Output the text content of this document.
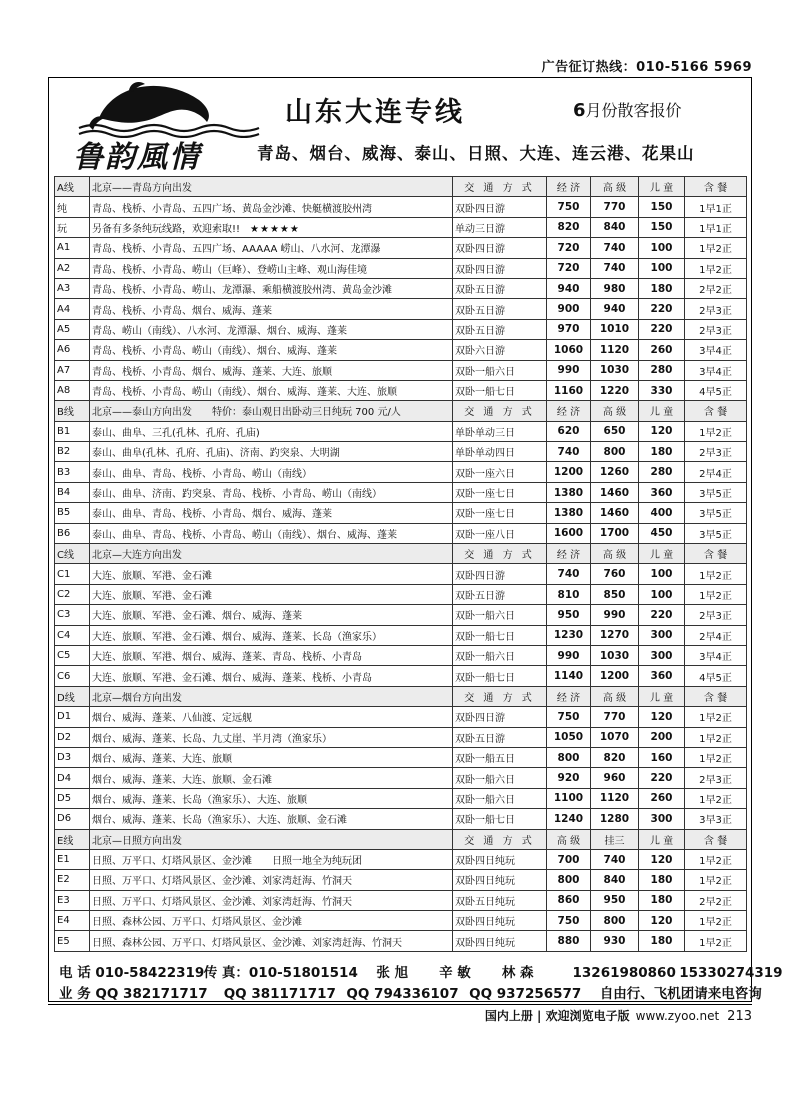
广告征订热线：010-5166 5969
鲁韵風情
山东大连专线	6月份散客报价
青岛、烟台、威海、泰山、日照、大连、连云港、花果山
A线	北京——青岛方向出发	交 通 方 式	经 济	高 级	儿 童	含 餐
纯	青岛、栈桥、小青岛、五四广场、黄岛金沙滩、快艇横渡胶州湾	双卧四日游	750	770	150	1早1正
玩	另备有多条纯玩线路，欢迎索取!! ★★★★★	单动三日游	820	840	150	1早1正
A1	青岛、栈桥、小青岛、五四广场、AAAAA 崂山、八水河、龙潭瀑	双卧四日游	720	740	100	1早2正
A2	青岛、栈桥、小青岛、崂山（巨峰）、登崂山主峰、观山海佳境	双卧四日游	720	740	100	1早2正
A3	青岛、栈桥、小青岛、崂山、龙潭瀑、乘船横渡胶州湾、黄岛金沙滩	双卧五日游	940	980	180	2早2正
A4	青岛、栈桥、小青岛、烟台、威海、蓬莱	双卧五日游	900	940	220	2早3正
A5	青岛、崂山（南线）、八水河、龙潭瀑、烟台、威海、蓬莱	双卧五日游	970	1010	220	2早3正
A6	青岛、栈桥、小青岛、崂山（南线）、烟台、威海、蓬莱	双卧六日游	1060	1120	260	3早4正
A7	青岛、栈桥、小青岛、烟台、威海、蓬莱、大连、旅顺	双卧一船六日	990	1030	280	3早4正
A8	青岛、栈桥、小青岛、崂山（南线）、烟台、威海、蓬莱、大连、旅顺	双卧一船七日	1160	1220	330	4早5正
B线	北京——泰山方向出发　　特价：泰山观日出卧动三日纯玩 700 元/人	交 通 方 式	经 济	高 级	儿 童	含 餐
B1	泰山、曲阜、三孔(孔林、孔府、孔庙)	单卧单动三日	620	650	120	1早2正
B2	泰山、曲阜(孔林、孔府、孔庙)、济南、趵突泉、大明湖	单卧单动四日	740	800	180	2早3正
B3	泰山、曲阜、青岛、栈桥、小青岛、崂山（南线）	双卧一座六日	1200	1260	280	2早4正
B4	泰山、曲阜、济南、趵突泉、青岛、栈桥、小青岛、崂山（南线）	双卧一座七日	1380	1460	360	3早5正
B5	泰山、曲阜、青岛、栈桥、小青岛、烟台、威海、蓬莱	双卧一座七日	1380	1460	400	3早5正
B6	泰山、曲阜、青岛、栈桥、小青岛、崂山（南线）、烟台、威海、蓬莱	双卧一座八日	1600	1700	450	3早5正
C线	北京—大连方向出发	交 通 方 式	经 济	高 级	儿 童	含 餐
C1	大连、旅顺、军港、金石滩	双卧四日游	740	760	100	1早2正
C2	大连、旅顺、军港、金石滩	双卧五日游	810	850	100	1早2正
C3	大连、旅顺、军港、金石滩、烟台、威海、蓬莱	双卧一船六日	950	990	220	2早3正
C4	大连、旅顺、军港、金石滩、烟台、威海、蓬莱、长岛（渔家乐）	双卧一船七日	1230	1270	300	2早4正
C5	大连、旅顺、军港、烟台、威海、蓬莱、青岛、栈桥、小青岛	双卧一船六日	990	1030	300	3早4正
C6	大连、旅顺、军港、金石滩、烟台、威海、蓬莱、栈桥、小青岛	双卧一船七日	1140	1200	360	4早5正
D线	北京—烟台方向出发	交 通 方 式	经 济	高 级	儿 童	含 餐
D1	烟台、威海、蓬莱、八仙渡、定远舰	双卧四日游	750	770	120	1早2正
D2	烟台、威海、蓬莱、长岛、九丈崖、半月湾（渔家乐）	双卧五日游	1050	1070	200	1早2正
D3	烟台、威海、蓬莱、大连、旅顺	双卧一船五日	800	820	160	1早2正
D4	烟台、威海、蓬莱、大连、旅顺、金石滩	双卧一船六日	920	960	220	2早3正
D5	烟台、威海、蓬莱、长岛（渔家乐）、大连、旅顺	双卧一船六日	1100	1120	260	1早2正
D6	烟台、威海、蓬莱、长岛（渔家乐）、大连、旅顺、金石滩	双卧一船七日	1240	1280	300	3早3正
E线	北京—日照方向出发	交 通 方 式	高 级	挂三	儿 童	含 餐
E1	日照、万平口、灯塔风景区、金沙滩　　日照一地全为纯玩团	双卧四日纯玩	700	740	120	1早2正
E2	日照、万平口、灯塔风景区、金沙滩、刘家湾赶海、竹洞天	双卧四日纯玩	800	840	180	1早2正
E3	日照、万平口、灯塔风景区、金沙滩、刘家湾赶海、竹洞天	双卧五日纯玩	860	950	180	2早2正
E4	日照、森林公园、万平口、灯塔风景区、金沙滩	双卧四日纯玩	750	800	120	1早2正
E5	日照、森林公园、万平口、灯塔风景区、金沙滩、刘家湾赶海、竹洞天	双卧四日纯玩	880	930	180	1早2正
电 话 010-58422319 传 真：010-51801514 张 旭 辛 敏 林 森	13261980860 15330274319
业 务 QQ 382171717 QQ 381171717 QQ 794336107 QQ 937256577 自由行、飞机团请来电咨询
国内上册 | 欢迎浏览电子版 www.zyoo.net 213
